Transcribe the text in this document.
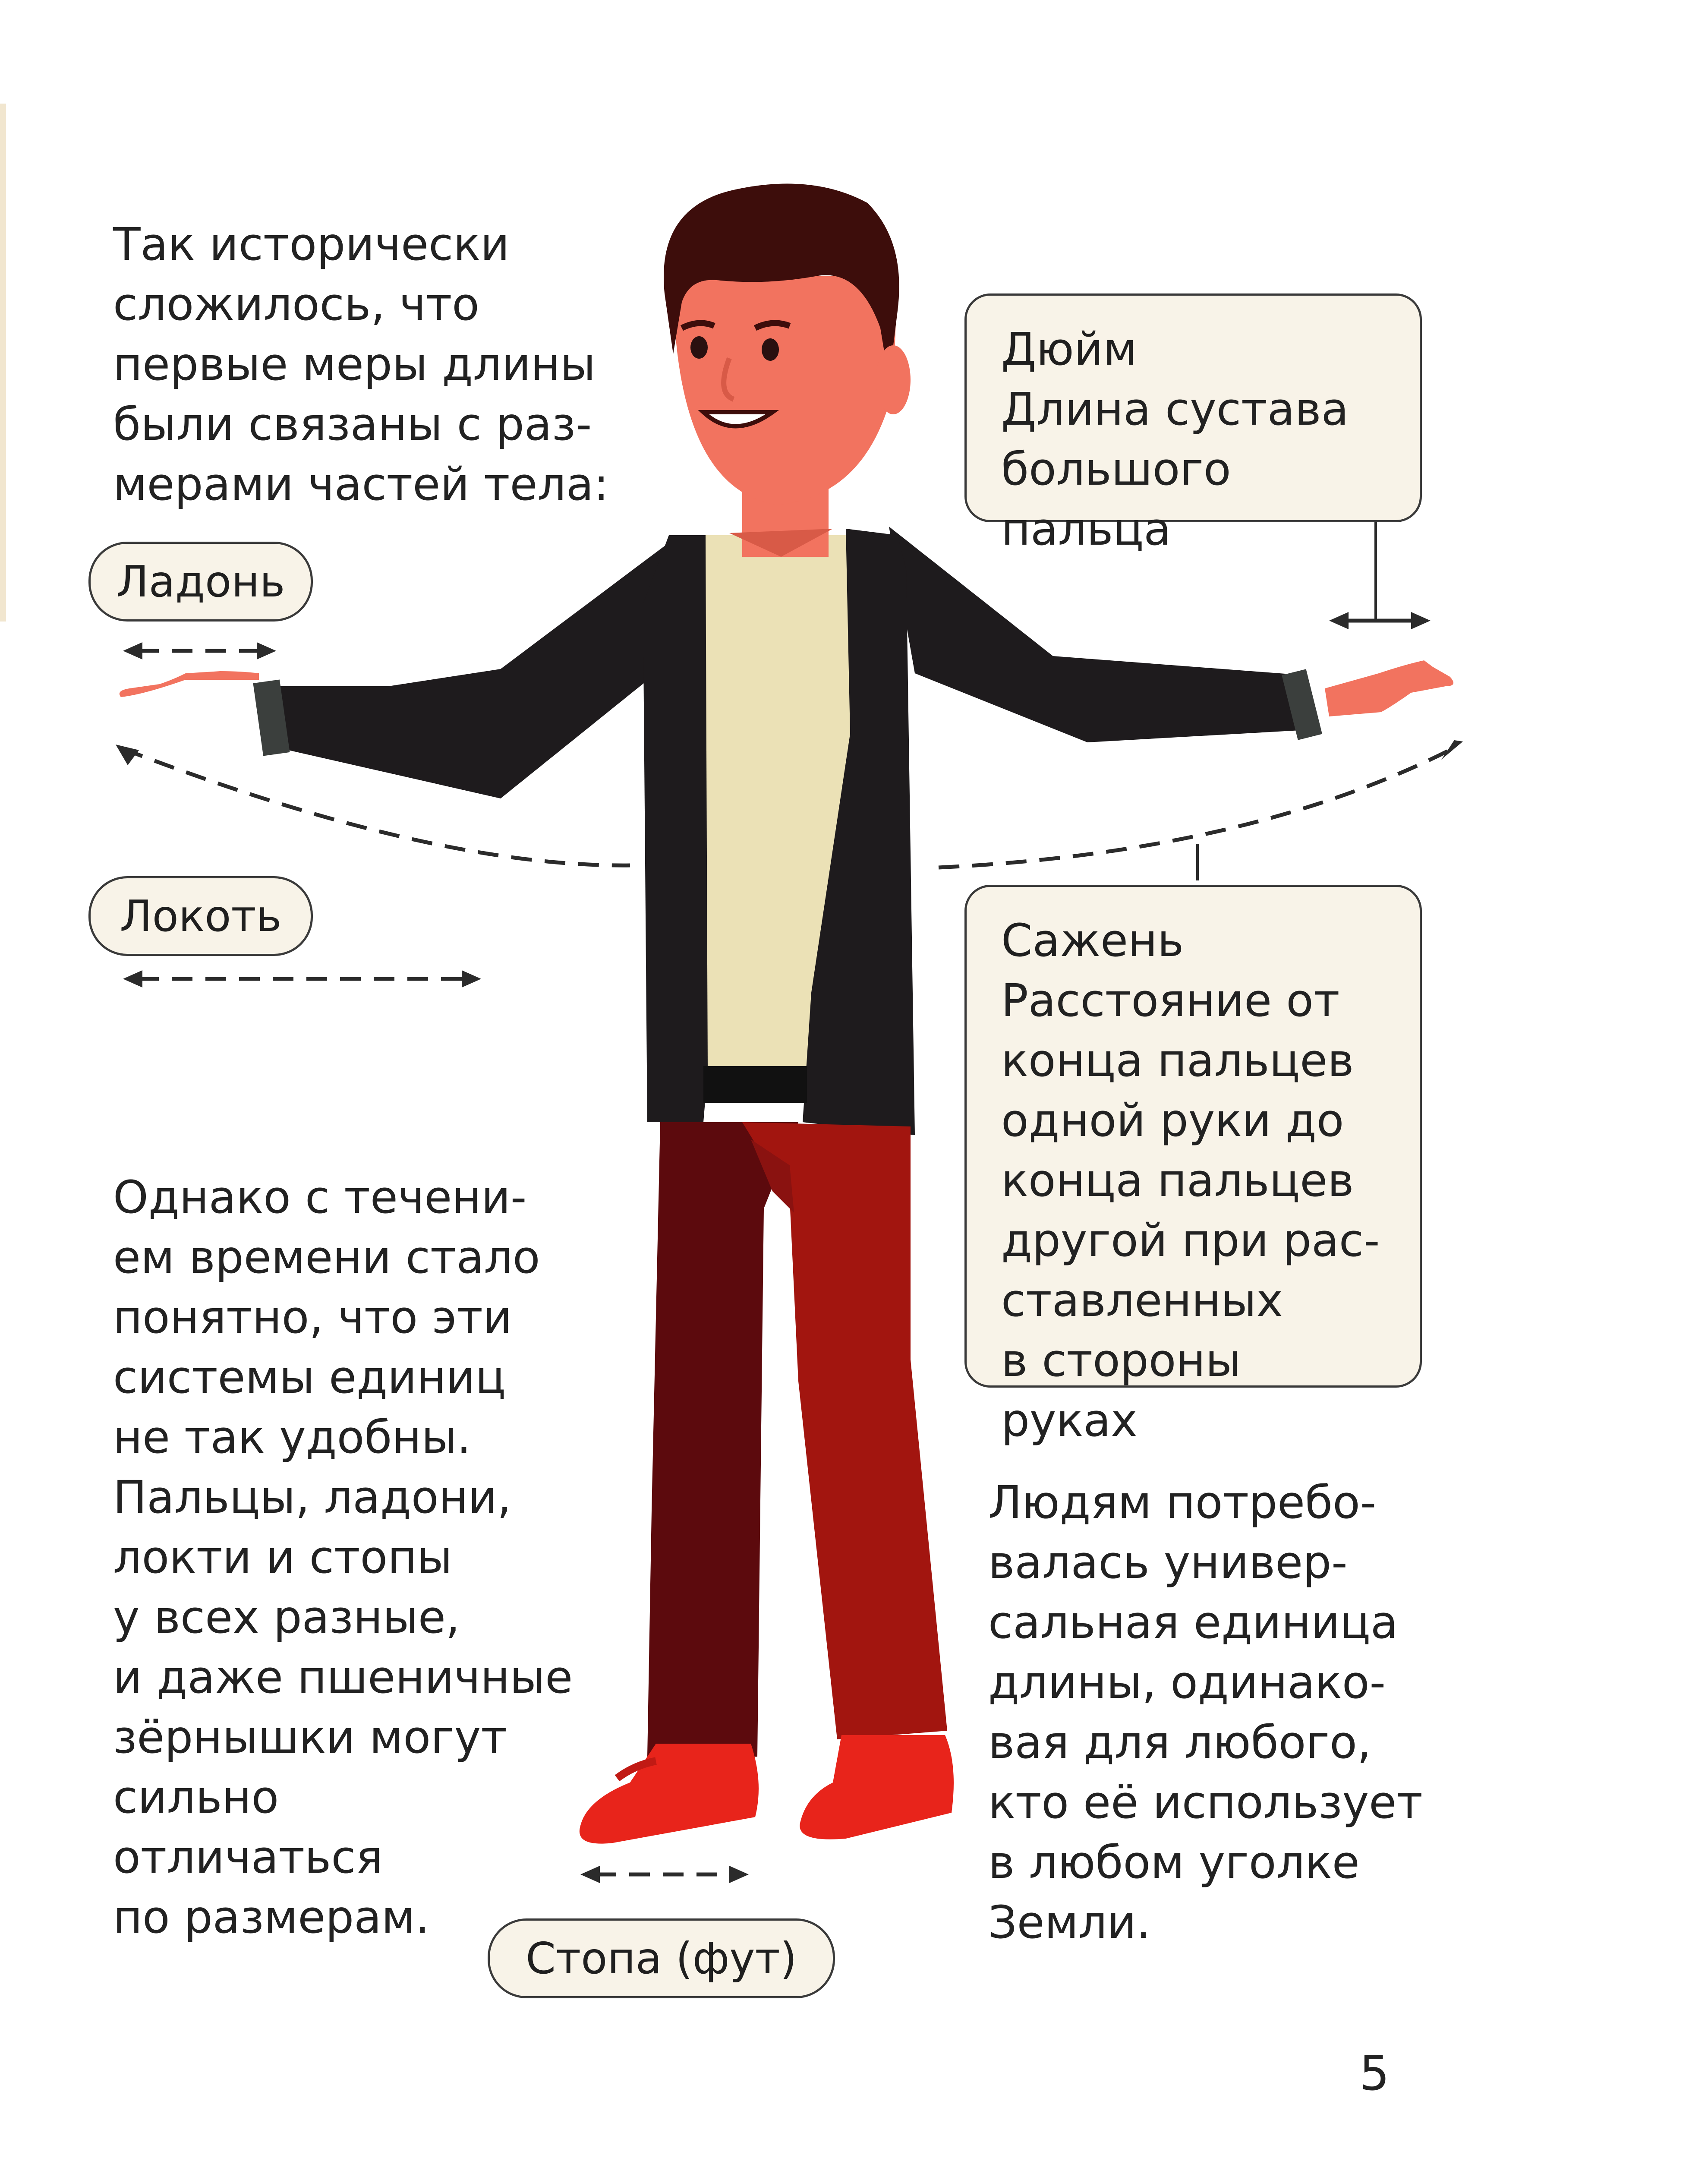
Так исторически
сложилось, что
первые меры длины
были связаны с раз-
мерами частей тела:

Ладонь
Локоть
Стопа (фут)
Дюйм
Длина сустава
большого пальца
Сажень
Расстояние от
конца пальцев
одной руки до
конца пальцев
другой при рас-
ставленных
в стороны руках

Однако с течени-
ем времени стало
понятно, что эти
системы единиц
не так удобны.
Пальцы, ладони,
локти и стопы
у всех разные,
и даже пшеничные
зёрнышки могут
сильно
отличаться
по размерам.

Людям потребо-
валась универ-
сальная единица
длины, одинако-
вая для любого,
кто её использует
в любом уголке
Земли.

5
